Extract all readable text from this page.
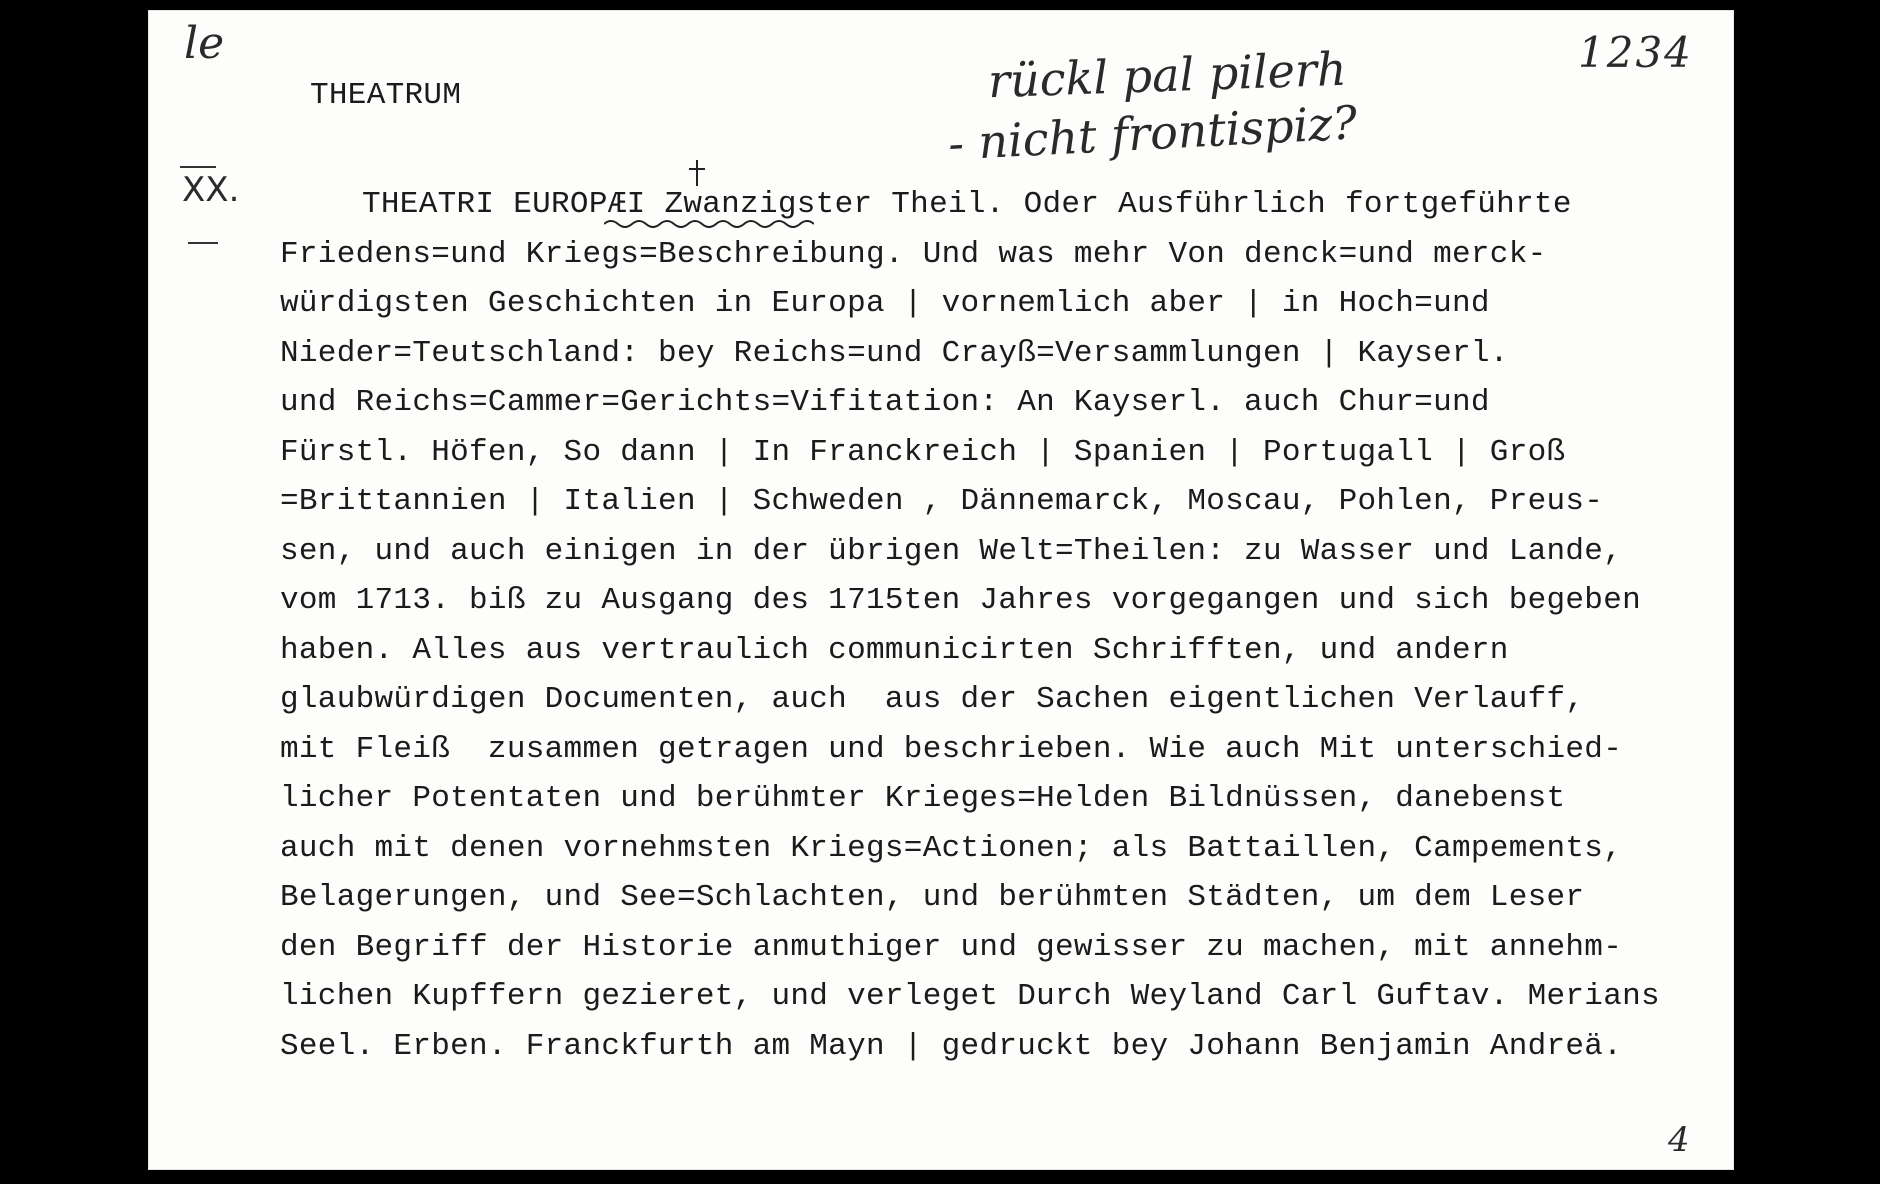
le
THEATRUM	rückl pal pilerh
- nicht frontispiz?
1234
XX.	THEATRI EUROPÆI Zwanzigster Theil. Oder Ausführlich fortgeführte
Friedens=und Kriegs=Beschreibung. Und was mehr Von denck=und merck-
würdigsten Geschichten in Europa | vornemlich aber | in Hoch=und
Nieder=Teutschland: bey Reichs=und Crayß=Versammlungen | Kayserl.
und Reichs=Cammer=Gerichts=Vifitation: An Kayserl. auch Chur=und
Fürstl. Höfen, So dann | In Franckreich | Spanien | Portugall | Groß
=Brittannien | Italien | Schweden , Dännemarck, Moscau, Pohlen, Preus-
sen, und auch einigen in der übrigen Welt=Theilen: zu Wasser und Lande,
vom 1713. biß zu Ausgang des 1715ten Jahres vorgegangen und sich begeben
haben. Alles aus vertraulich communicirten Schrifften, und andern
glaubwürdigen Documenten, auch  aus der Sachen eigentlichen Verlauff,
mit Fleiß  zusammen getragen und beschrieben. Wie auch Mit unterschied-
licher Potentaten und berühmter Krieges=Helden Bildnüssen, danebenst
auch mit denen vornehmsten Kriegs=Actionen; als Battaillen, Campements,
Belagerungen, und See=Schlachten, und berühmten Städten, um dem Leser
den Begriff der Historie anmuthiger und gewisser zu machen, mit annehm-
lichen Kupffern gezieret, und verleget Durch Weyland Carl Guftav. Merians
Seel. Erben. Franckfurth am Mayn | gedruckt bey Johann Benjamin Andreä.
4
